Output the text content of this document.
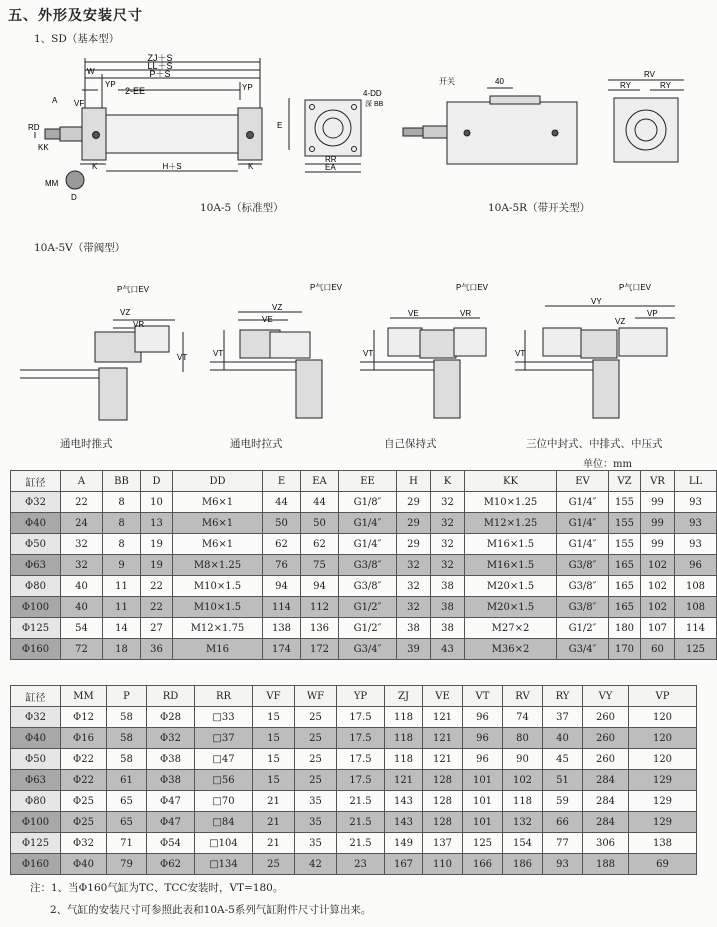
五、外形及安装尺寸
1、SD（基本型）
ZJ＋S
LL＋S
P＋S
W
YP
2-EE	YP
A VF
RD
KK
K	H＋S	K
MM
D
E
4-DD
深 BB
RR
EA
10A-5（标准型）
开关	40
10A-5R（带开关型）
RV
RY	RY
10A-5V（带阀型）
P气口EV
VZ
VR
VT
通电时推式
P气口EV
VZ
VE
VT
通电时拉式
P气口EV
VE	VR
VT
自己保持式
P气口EV
VY
VP
VZ
VT
三位中封式、中排式、中压式
单位：mm
缸径	A	BB	D	DD	E	EA	EE	H	K	KK	EV	VZ	VR	LL
Φ32	22	8	10	M6×1	44	44	G1/8″	29	32	M10×1.25	G1/4″	155	99	93
Φ40	24	8	13	M6×1	50	50	G1/4″	29	32	M12×1.25	G1/4″	155	99	93
Φ50	32	8	19	M6×1	62	62	G1/4″	29	32	M16×1.5	G1/4″	155	99	93
Φ63	32	9	19	M8×1.25	76	75	G3/8″	32	32	M16×1.5	G3/8″	165	102	96
Φ80	40	11	22	M10×1.5	94	94	G3/8″	32	38	M20×1.5	G3/8″	165	102	108
Φ100	40	11	22	M10×1.5	114	112	G1/2″	32	38	M20×1.5	G3/8″	165	102	108
Φ125	54	14	27	M12×1.75	138	136	G1/2″	38	38	M27×2	G1/2″	180	107	114
Φ160	72	18	36	M16	174	172	G3/4″	39	43	M36×2	G3/4″	170	60	125
缸径	MM	P	RD	RR	VF	WF	YP	ZJ	VE	VT	RV	RY	VY	VP
Φ32	Φ12	58	Φ28	□33	15	25	17.5	118	121	96	74	37	260	120
Φ40	Φ16	58	Φ32	□37	15	25	17.5	118	121	96	80	40	260	120
Φ50	Φ22	58	Φ38	□47	15	25	17.5	118	121	96	90	45	260	120
Φ63	Φ22	61	Φ38	□56	15	25	17.5	121	128	101	102	51	284	129
Φ80	Φ25	65	Φ47	□70	21	35	21.5	143	128	101	118	59	284	129
Φ100	Φ25	65	Φ47	□84	21	35	21.5	143	128	101	132	66	284	129
Φ125	Φ32	71	Φ54	□104	21	35	21.5	149	137	125	154	77	306	138
Φ160	Φ40	79	Φ62	□134	25	42	23	167	110	166	186	93	188	69
注：1、当Φ160气缸为TC、TCC安装时，VT=180。
2、气缸的安装尺寸可参照此表和10A-5系列气缸附件尺寸计算出来。
